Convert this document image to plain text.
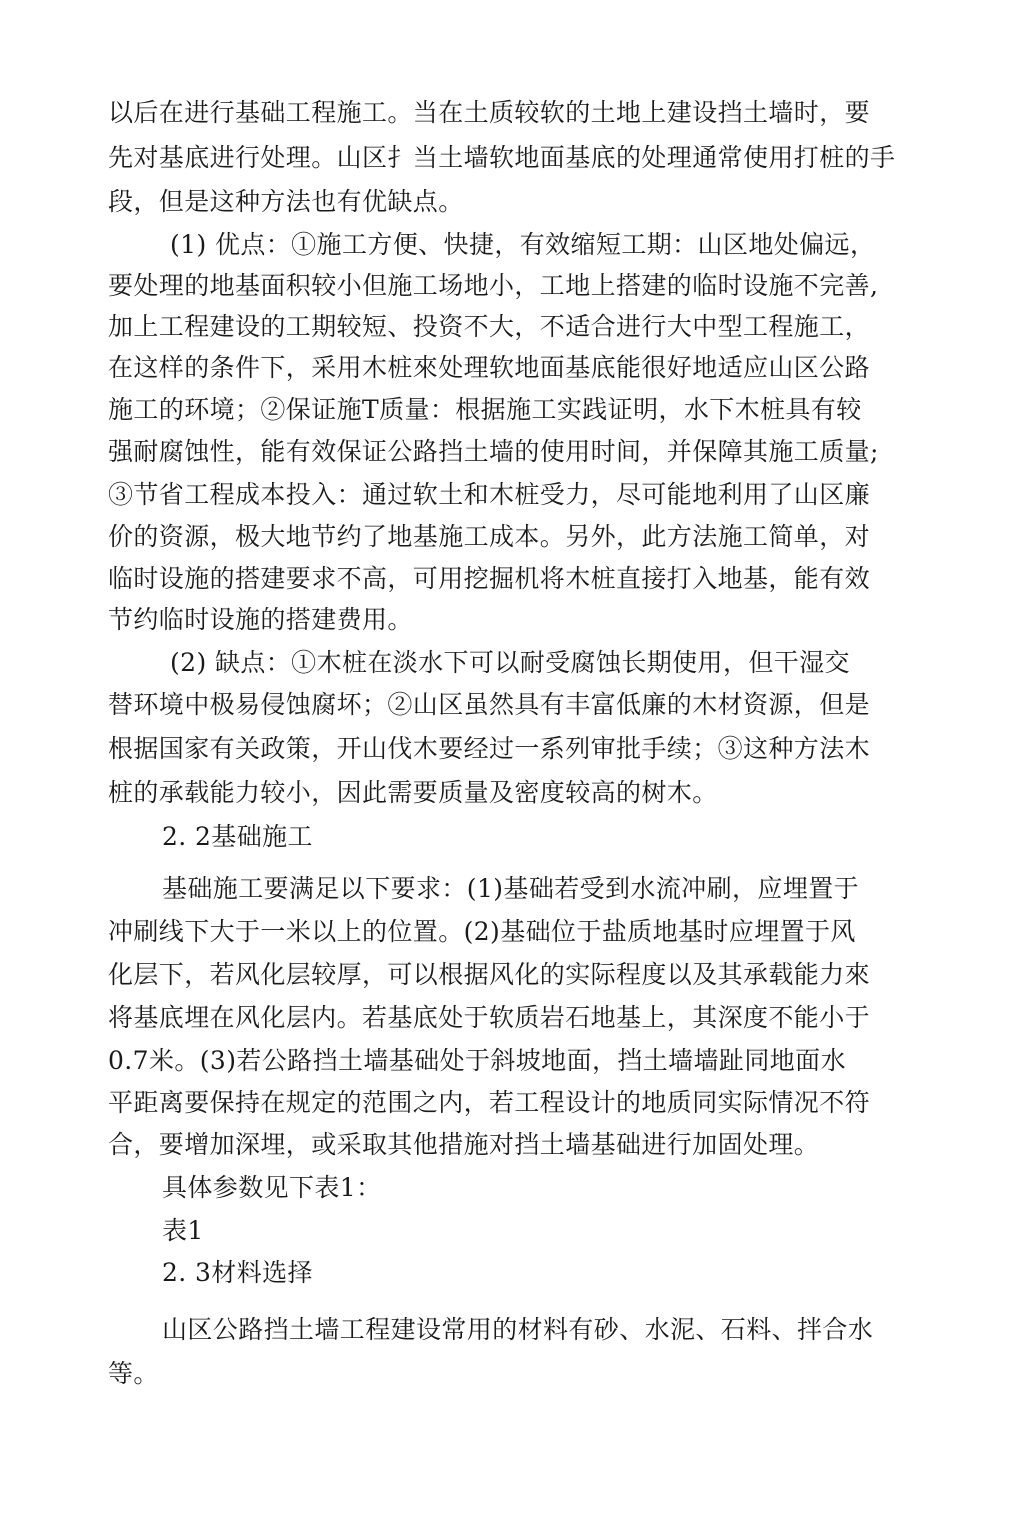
以后在进行基础工程施工。当在土质较软的土地上建设挡土墙时，要
先对基底进行处理。山区扌当土墙软地面基底的处理通常使用打桩的手
段，但是这种方法也有优缺点。
(1) 优点：①施工方便、快捷，有效缩短工期：山区地处偏远，
要处理的地基面积较小但施工场地小，工地上搭建的临时设施不完善,
加上工程建设的工期较短、投资不大，不适合进行大中型工程施工，
在这样的条件下，采用木桩來处理软地面基底能很好地适应山区公路
施工的环境；②保证施T质量：根据施工实践证明，水下木桩具有较
强耐腐蚀性，能有效保证公路挡土墙的使用时间，并保障其施工质量;
③节省工程成本投入：通过软土和木桩受力，尽可能地利用了山区廉
价的资源，极大地节约了地基施工成本。另外，此方法施工简单，对
临时设施的搭建要求不高，可用挖掘机将木桩直接打入地基，能有效
节约临时设施的搭建费用。
(2) 缺点：①木桩在淡水下可以耐受腐蚀长期使用，但干湿交
替环境中极易侵蚀腐坏；②山区虽然具有丰富低廉的木材资源，但是
根据国家有关政策，开山伐木要经过一系列审批手续；③这种方法木
桩的承载能力较小，因此需要质量及密度较高的树木。
2. 2基础施工
基础施工要满足以下要求：(1)基础若受到水流冲刷，应埋置于
冲刷线下大于一米以上的位置。(2)基础位于盐质地基时应埋置于风
化层下，若风化层较厚，可以根据风化的实际程度以及其承载能力來
将基底埋在风化层内。若基底处于软质岩石地基上，其深度不能小于
0.7米。(3)若公路挡土墙基础处于斜坡地面，挡土墙墙趾同地面水
平距离要保持在规定的范围之内，若工程设计的地质同实际情况不符
合，要增加深埋，或采取其他措施对挡土墙基础进行加固处理。
具体参数见下表1：
表1
2. 3材料选择
山区公路挡土墙工程建设常用的材料有砂、水泥、石料、拌合水
等。
